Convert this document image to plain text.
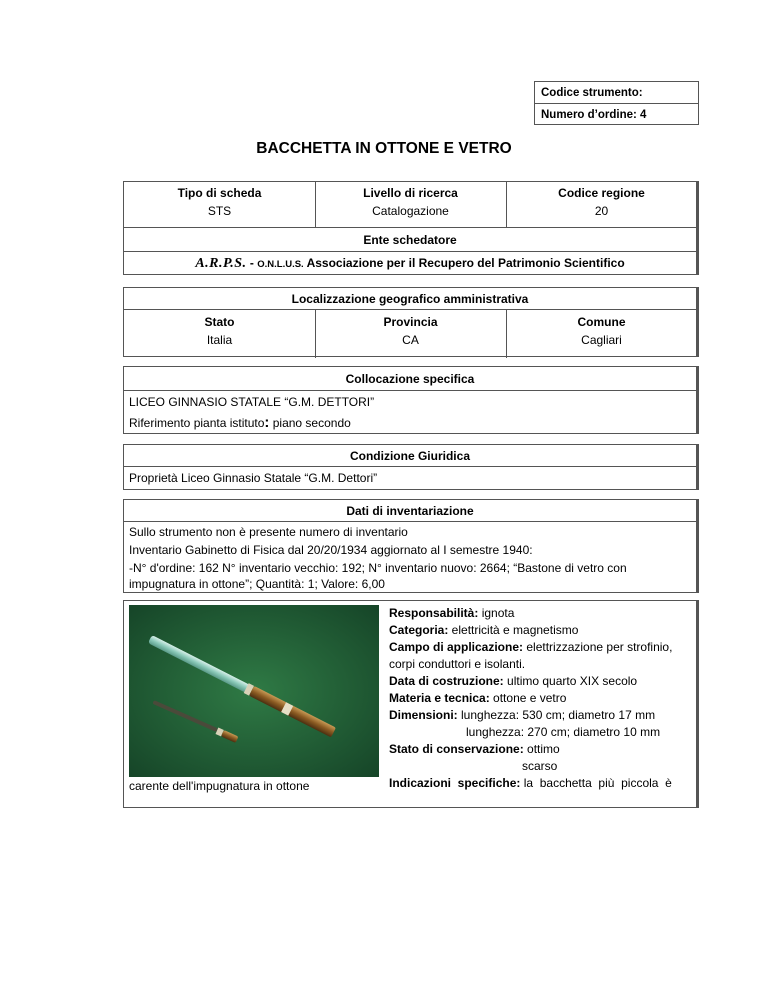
Codice strumento:
Numero d’ordine: 4
BACCHETTA IN OTTONE E VETRO
Tipo di scheda
STS
Livello di ricerca
Catalogazione
Codice regione
20
Ente schedatore
A.R.P.S. - O.N.L.U.S. Associazione per il Recupero del Patrimonio Scientifico
Localizzazione geografico amministrativa
Stato
Italia
Provincia
CA
Comune
Cagliari
Collocazione specifica
LICEO GINNASIO STATALE “G.M. DETTORI”
Riferimento pianta istituto: piano secondo
Condizione Giuridica
Proprietà Liceo Ginnasio Statale “G.M. Dettori”
Dati di inventariazione
Sullo strumento non è presente numero di inventario
Inventario Gabinetto di Fisica dal 20/20/1934 aggiornato al I semestre 1940:
-N° d'ordine: 162 N° inventario vecchio: 192; N° inventario nuovo: 2664; “Bastone di vetro con
impugnatura in ottone”; Quantità: 1; Valore: 6,00
Responsabilità: ignota
Categoria: elettricità e magnetismo
Campo di applicazione: elettrizzazione per strofinio,
corpi conduttori e isolanti.
Data di costruzione: ultimo quarto XIX secolo
Materia e tecnica: ottone e vetro
Dimensioni: lunghezza: 530 cm; diametro 17 mm
lunghezza: 270 cm; diametro 10 mm
Stato di conservazione: ottimo
scarso
Indicazioni  specifiche: la  bacchetta  più  piccola  è
carente dell'impugnatura in ottone
